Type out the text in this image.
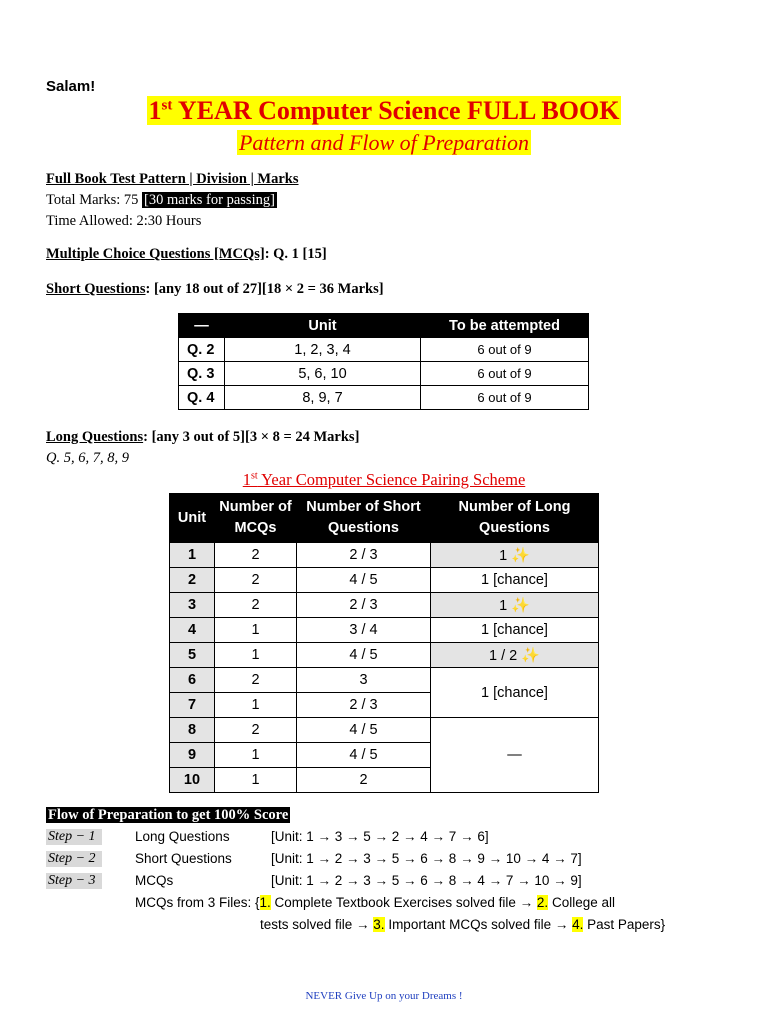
Salam!
1st YEAR Computer Science FULL BOOK
Pattern and Flow of Preparation
Full Book Test Pattern | Division | Marks
Total Marks: 75 [30 marks for passing]
Time Allowed: 2:30 Hours
Multiple Choice Questions [MCQs]: Q. 1 [15]
Short Questions: [any 18 out of 27][18 × 2 = 36 Marks]
—	Unit	To be attempted
Q. 2	1, 2, 3, 4	6 out of 9
Q. 3	5, 6, 10	6 out of 9
Q. 4	8, 9, 7	6 out of 9
Long Questions: [any 3 out of 5][3 × 8 = 24 Marks]
Q. 5, 6, 7, 8, 9
1st Year Computer Science Pairing Scheme
Unit	Number of MCQs	Number of Short Questions	Number of Long Questions
1	2	2 / 3	1 ✨
2	2	4 / 5	1 [chance]
3	2	2 / 3	1 ✨
4	1	3 / 4	1 [chance]
5	1	4 / 5	1 / 2 ✨
6	2	3	1 [chance]
7	1	2 / 3	
8	2	4 / 5	—
9	1	4 / 5	
10	1	2	
Flow of Preparation to get 100% Score
Step − 1	Long Questions	[Unit: 1 → 3 → 5 → 2 → 4 → 7 → 6]
Step − 2	Short Questions	[Unit: 1 → 2 → 3 → 5 → 6 → 8 → 9 → 10 → 4 → 7]
Step − 3	MCQs	[Unit: 1 → 2 → 3 → 5 → 6 → 8 → 4 → 7 → 10 → 9]
MCQs from 3 Files: {1. Complete Textbook Exercises solved file → 2. College all
tests solved file → 3. Important MCQs solved file → 4. Past Papers}
NEVER Give Up on your Dreams !
